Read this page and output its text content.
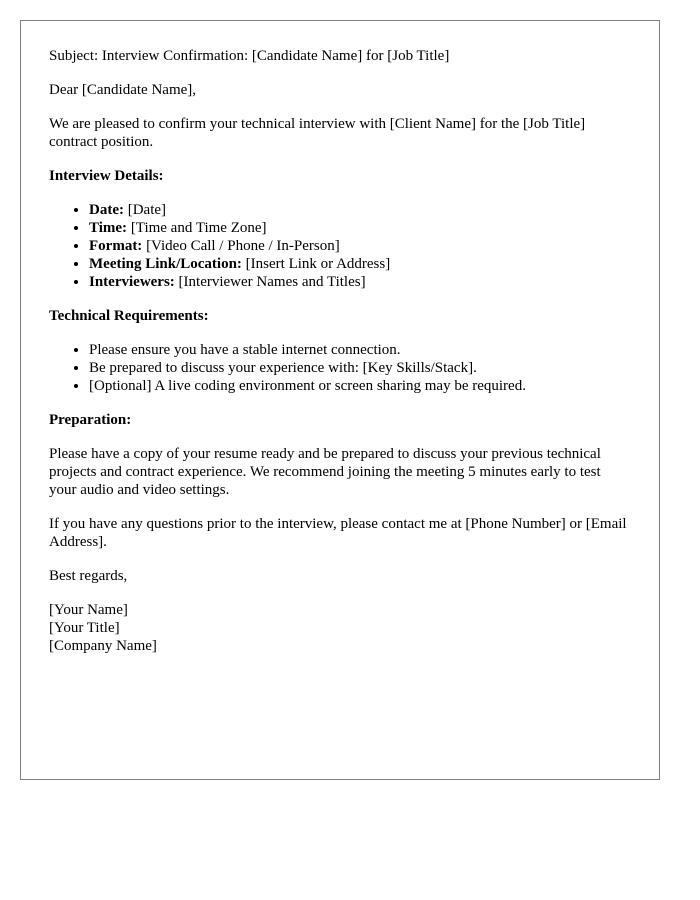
Subject: Interview Confirmation: [Candidate Name] for [Job Title]

Dear [Candidate Name],

We are pleased to confirm your technical interview with [Client Name] for the [Job Title] contract position.

Interview Details:

• Date: [Date]
• Time: [Time and Time Zone]
• Format: [Video Call / Phone / In-Person]
• Meeting Link/Location: [Insert Link or Address]
• Interviewers: [Interviewer Names and Titles]

Technical Requirements:

• Please ensure you have a stable internet connection.
• Be prepared to discuss your experience with: [Key Skills/Stack].
• [Optional] A live coding environment or screen sharing may be required.

Preparation:

Please have a copy of your resume ready and be prepared to discuss your previous technical projects and contract experience. We recommend joining the meeting 5 minutes early to test your audio and video settings.

If you have any questions prior to the interview, please contact me at [Phone Number] or [Email Address].

Best regards,

[Your Name]

[Your Title]

[Company Name]
